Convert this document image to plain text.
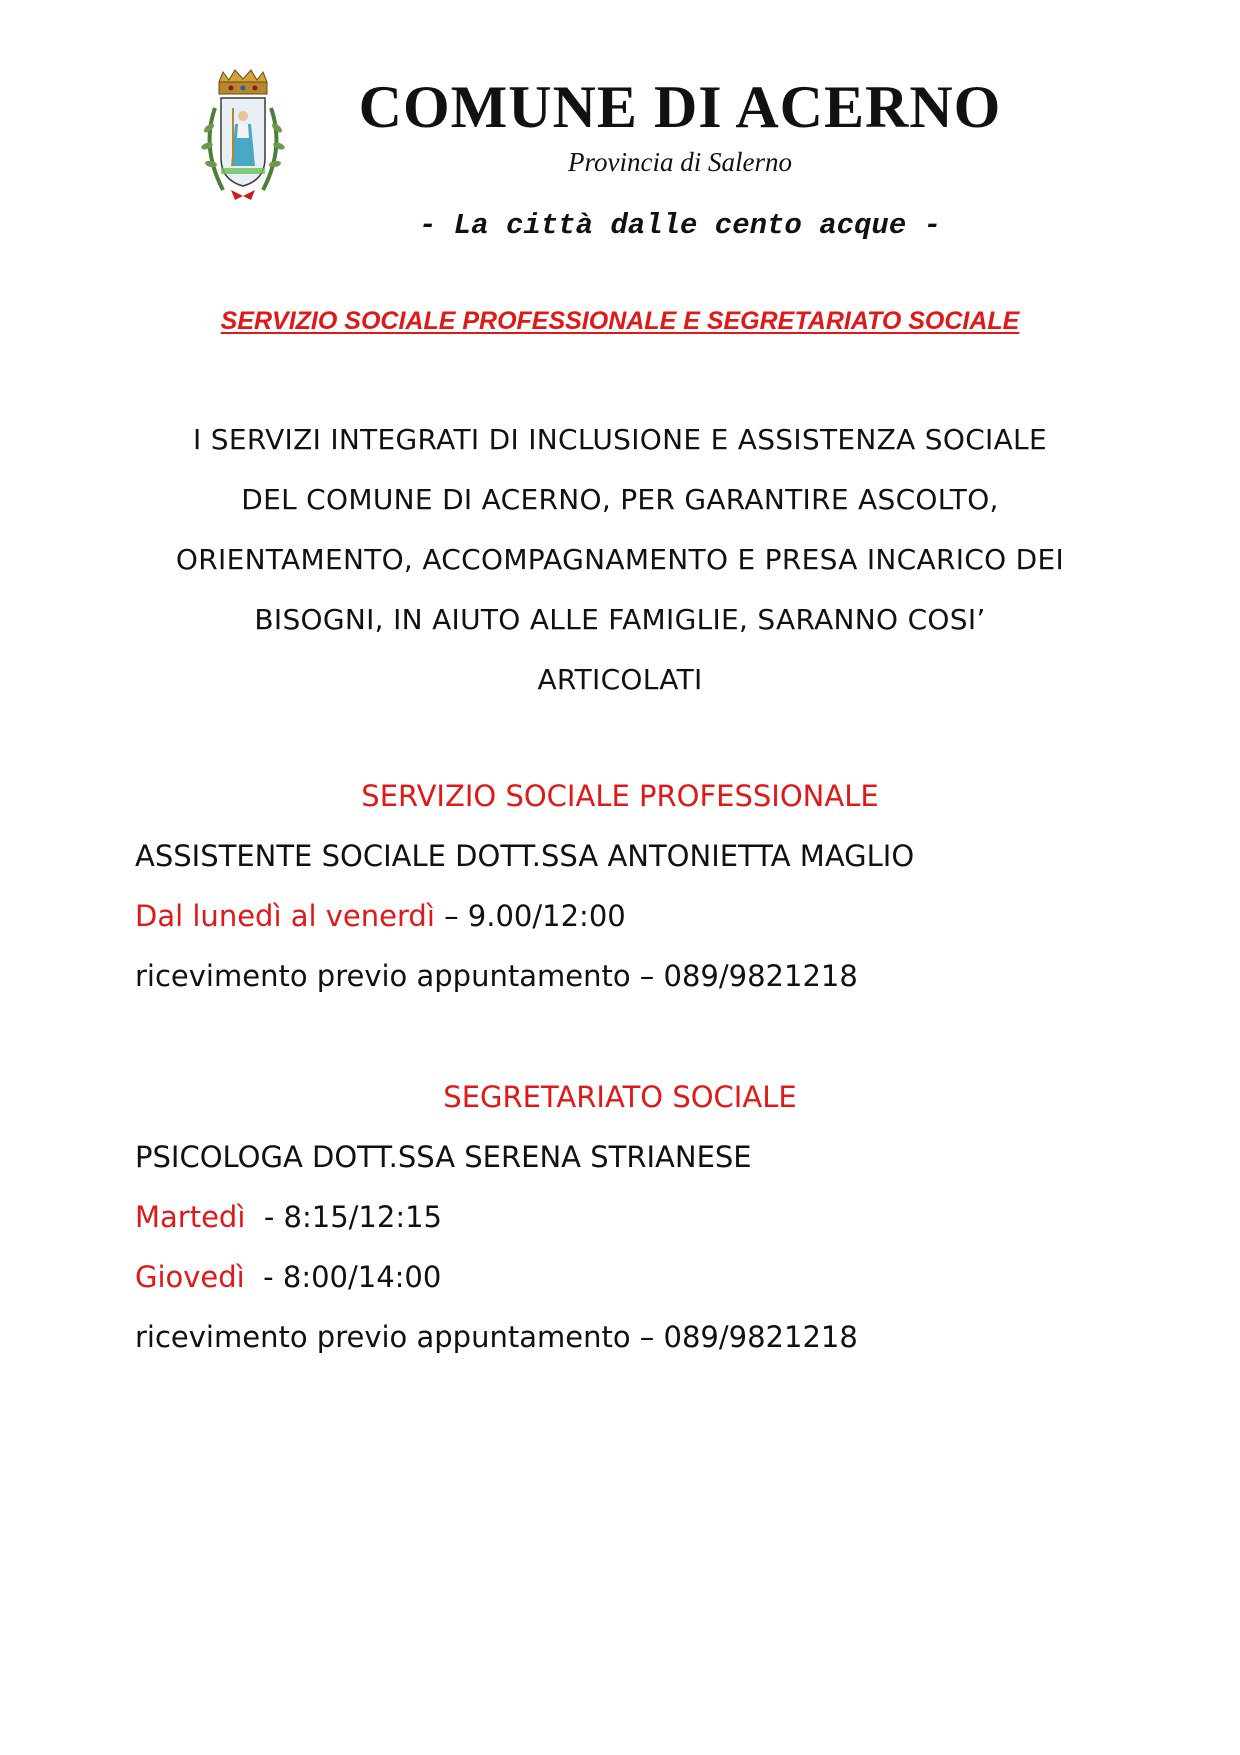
COMUNE DI ACERNO
Provincia di Salerno
- La città dalle cento acque -
SERVIZIO SOCIALE PROFESSIONALE E SEGRETARIATO SOCIALE
I SERVIZI INTEGRATI DI INCLUSIONE E ASSISTENZA SOCIALE
DEL COMUNE DI ACERNO, PER GARANTIRE ASCOLTO,
ORIENTAMENTO, ACCOMPAGNAMENTO E PRESA INCARICO DEI
BISOGNI, IN AIUTO ALLE FAMIGLIE, SARANNO COSI’
ARTICOLATI
SERVIZIO SOCIALE PROFESSIONALE
ASSISTENTE SOCIALE DOTT.SSA ANTONIETTA MAGLIO
Dal lunedì al venerdì – 9.00/12:00
ricevimento previo appuntamento – 089/9821218
SEGRETARIATO SOCIALE
PSICOLOGA DOTT.SSA SERENA STRIANESE
Martedì  - 8:15/12:15
Giovedì  - 8:00/14:00
ricevimento previo appuntamento – 089/9821218
